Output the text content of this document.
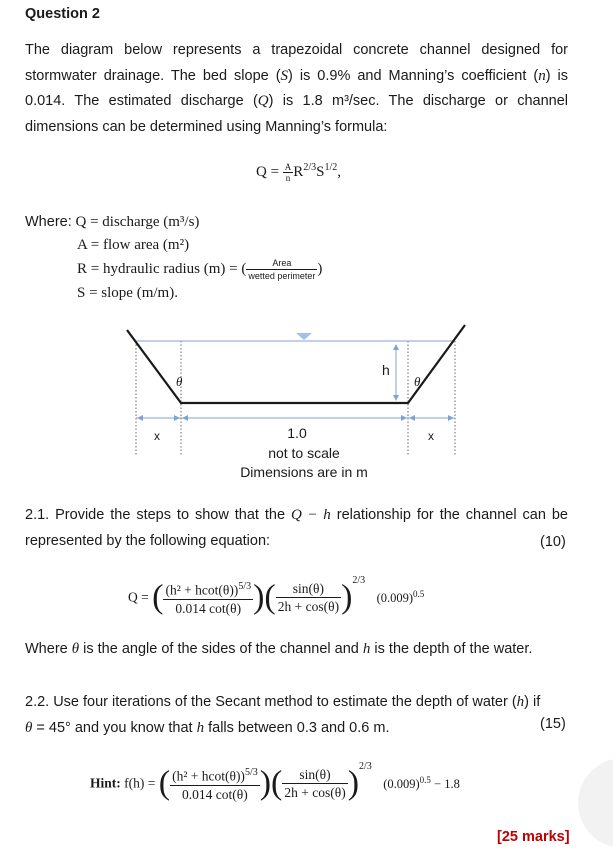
Question 2
The diagram below represents a trapezoidal concrete channel designed for stormwater drainage. The bed slope (S) is 0.9% and Manning’s coefficient (n) is 0.014. The estimated discharge (Q) is 1.8 m³/sec. The discharge or channel dimensions can be determined using Manning’s formula:
$Q = \frac{A}{n} R^{2/3}S^{1/2}$,
Where: Q = discharge (m³/s)
A = flow area (m²)
R = hydraulic radius (m) = ( $\frac{\text{Area}}{\text{wetted perimeter}}$ )
S = slope (m/m).
θ	θ
h
x	x
1.0
not to scale
Dimensions are in m
2.1. Provide the steps to show that the Q − h relationship for the channel can be represented by the following equation:	(10)
Q = ( $\frac{(h^2 + hcot(\theta))^{5/3}}{0.014 \cot(\theta)}$ )( $\frac{\sin(\theta)}{2h + \cos(\theta)} )^{2/3}$ $(0.009)^{0.5}$
Where θ is the angle of the sides of the channel and h is the depth of the water.
2.2. Use four iterations of the Secant method to estimate the depth of water (h) if
θ = 45° and you know that h falls between 0.3 and 0.6 m.	(15)
Hint: f(h) = ( $\frac{(h^2 + hcot(\theta))^{5/3}}{0.014 \cot(\theta)}$ )( $\frac{\sin(\theta)}{2h + \cos(\theta)} )^{2/3}$ $(0.009)^{0.5} - 1.8$
[25 marks]
